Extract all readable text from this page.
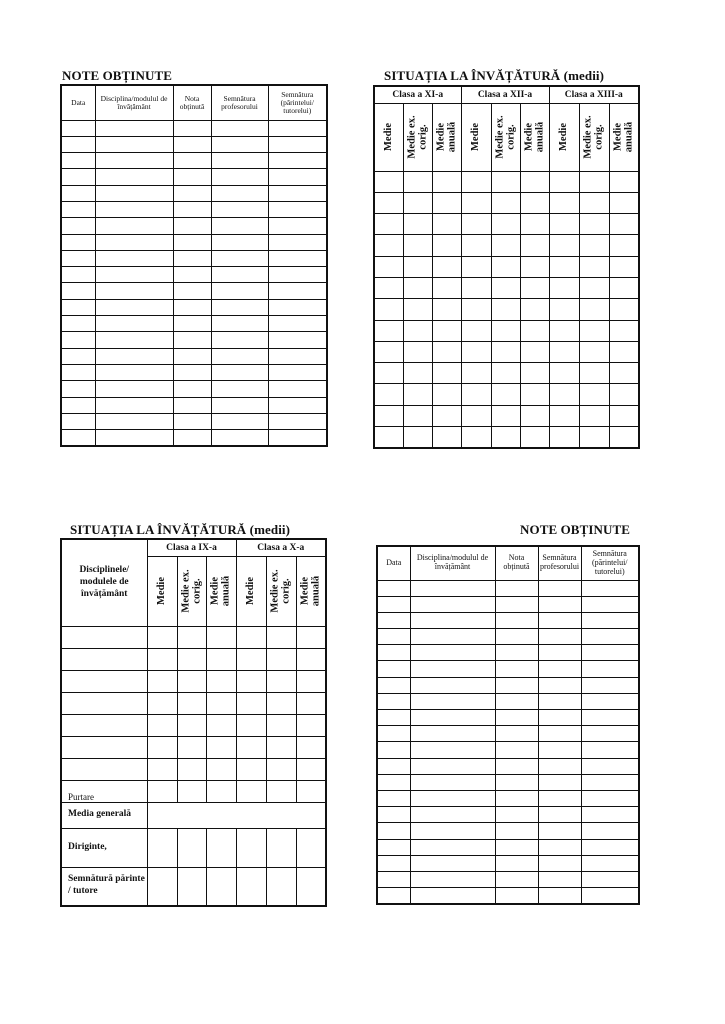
NOTE OBȚINUTE
Data	Disciplina/modulul de învățământ	Nota obținută	Semnătura profesorului	Semnătura (părintelui/ tutorelui)

SITUAȚIA LA ÎNVĂȚĂTURĂ (medii)
Clasa a XI-a			Clasa a XII-a			Clasa a XIII-a		

Medie	Medie ex. corig.	Medie anuală	Medie	Medie ex. corig.	Medie anuală	Medie	Medie ex. corig.	Medie anuală

SITUAȚIA LA ÎNVĂȚĂTURĂ (medii)
Disciplinele/ modulele de învățământ	Clasa a IX-a			Clasa a X-a		

	Medie	Medie ex. corig.	Medie anuală	Medie	Medie ex. corig.	Medie anuală

Purtare						
Media generală						
Diriginte,						
Semnătură părinte / tutore						
NOTE OBȚINUTE
Data	Disciplina/modulul de învățământ	Nota obținută	Semnătura profesorului	Semnătura (părintelui/ tutorelui)
